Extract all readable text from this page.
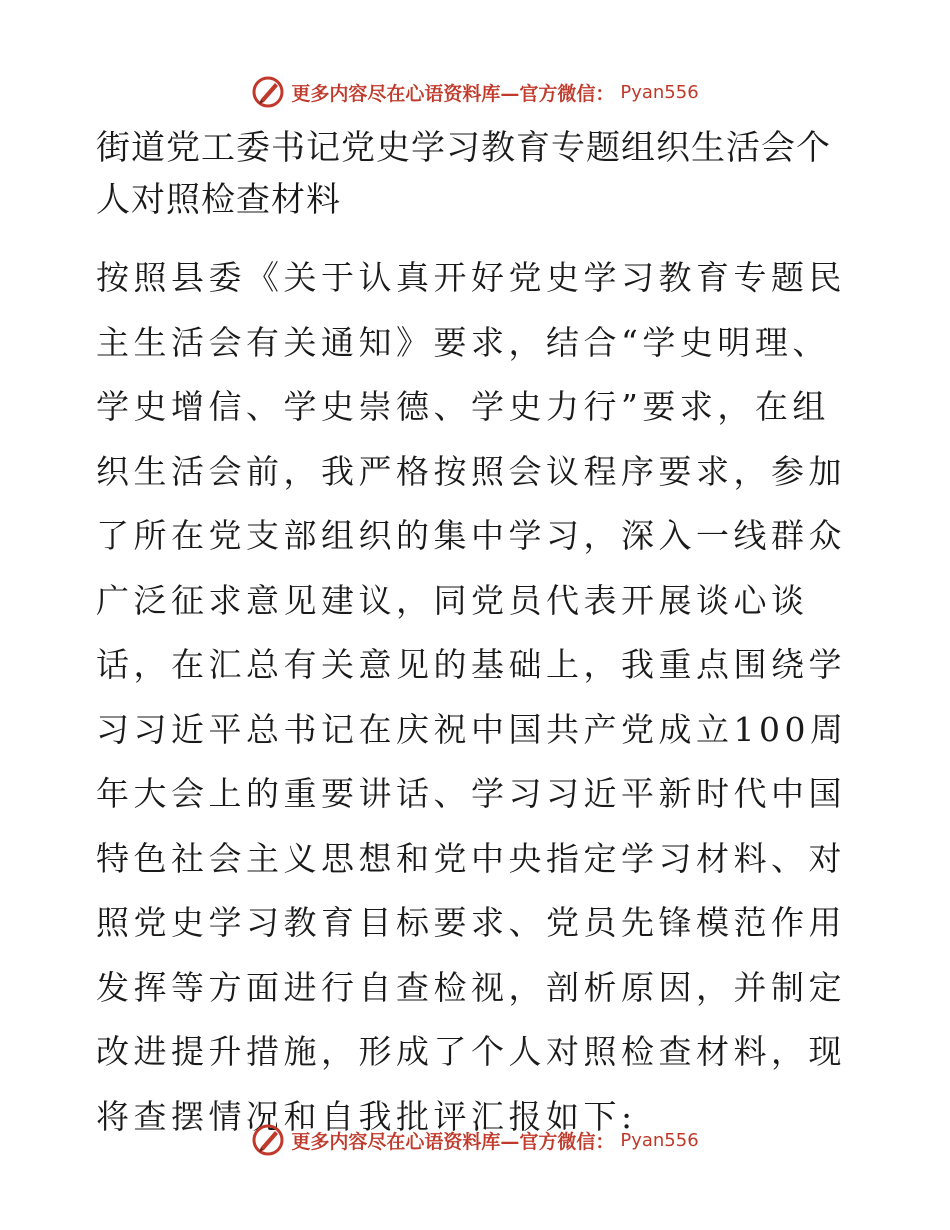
更多内容尽在心语资料库—官方微信： Pyan556
街道党工委书记党史学习教育专题组织生活会个人对照检查材料

按照县委《关于认真开好党史学习教育专题民主生活会有关通知》要求，结合“学史明理、学史增信、学史崇德、学史力行”要求，在组织生活会前，我严格按照会议程序要求，参加了所在党支部组织的集中学习，深入一线群众广泛征求意见建议，同党员代表开展谈心谈话，在汇总有关意见的基础上，我重点围绕学习习近平总书记在庆祝中国共产党成立100周年大会上的重要讲话、学习习近平新时代中国特色社会主义思想和党中央指定学习材料、对照党史学习教育目标要求、党员先锋模范作用发挥等方面进行自查检视，剖析原因，并制定改进提升措施，形成了个人对照检查材料，现将查摆情况和自我批评汇报如下:

更多内容尽在心语资料库—官方微信： Pyan556
